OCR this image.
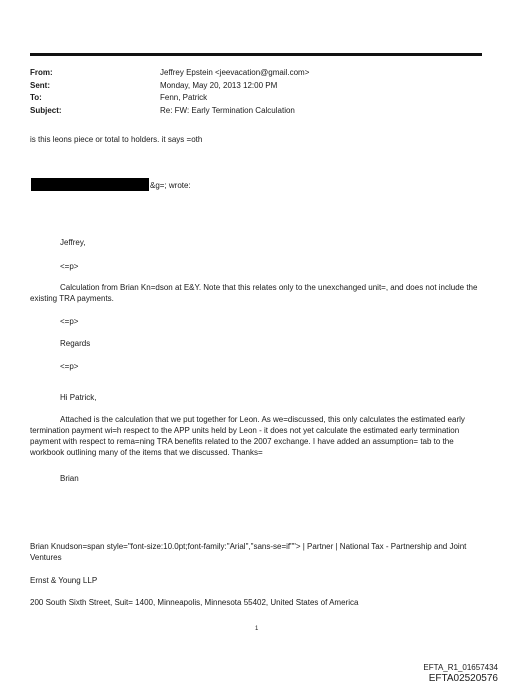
From:	Jeffrey Epstein <jeevacation@gmail.com>
Sent:	Monday, May 20, 2013 12:00 PM
To:	Fenn, Patrick
Subject:	Re: FW: Early Termination Calculation
is this leons piece or total to holders. it says =oth
&g=; wrote:
Jeffrey,
<=p>
Calculation from Brian Kn=dson at E&Y. Note that this relates only to the unexchanged unit=, and does not include the existing TRA payments.
<=p>
Regards
<=p>
Hi Patrick,
Attached is the calculation that we put together for Leon. As we=discussed, this only calculates the estimated early termination payment wi=h respect to the APP units held by Leon - it does not yet calculate the estimated early termination payment with respect to rema=ning TRA benefits related to the 2007 exchange. I have added an assumption= tab to the workbook outlining many of the items that we discussed. Thanks=
Brian
Brian Knudson=span style="font-size:10.0pt;font-family:"Arial","sans-se=if""> | Partner | National Tax - Partnership and Joint Ventures
Ernst & Young LLP
200 South Sixth Street, Suit= 1400, Minneapolis, Minnesota 55402, United States of America
1
EFTA_R1_01657434
EFTA02520576
